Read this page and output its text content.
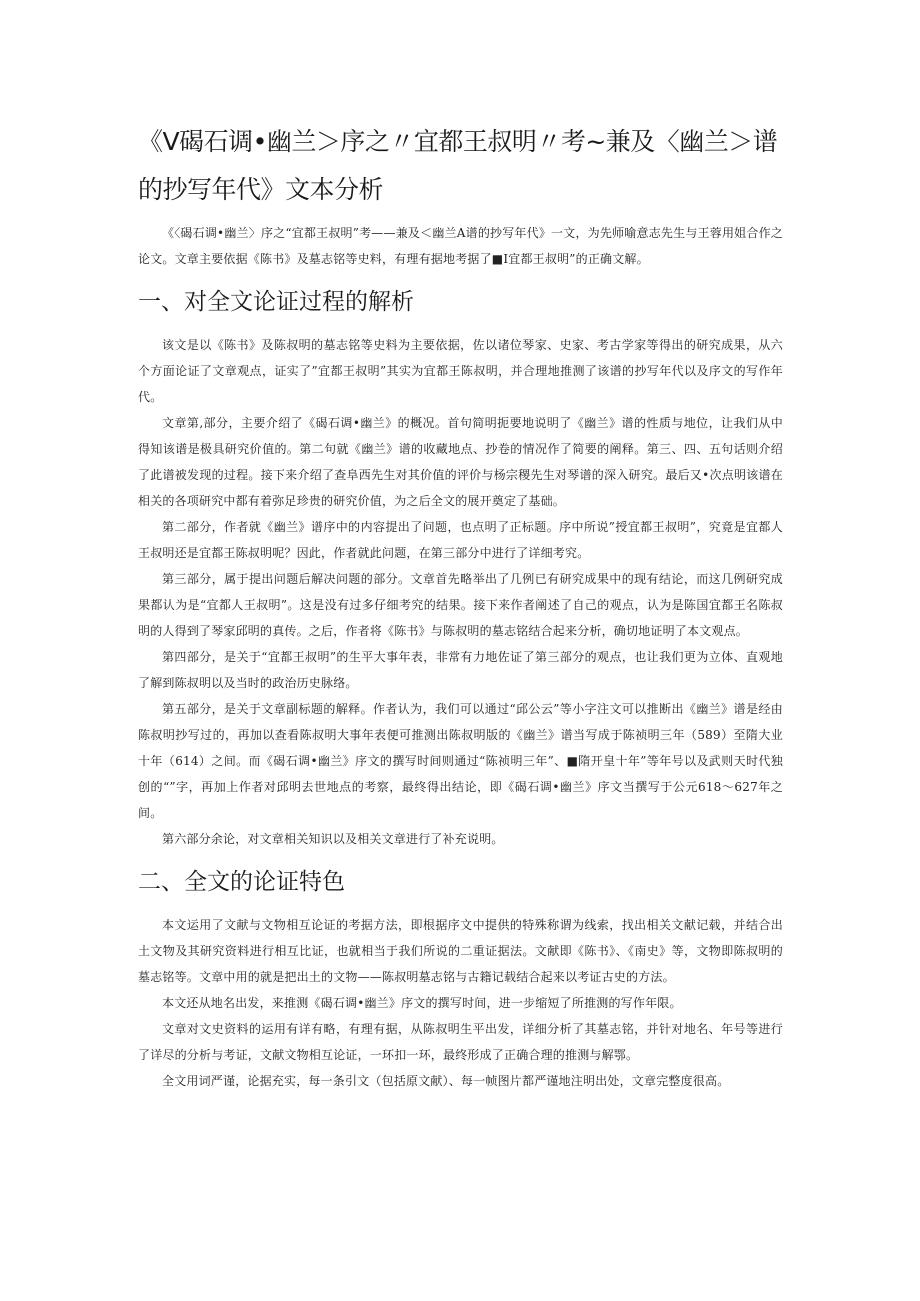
《V碣石调•幽兰＞序之〃宜都王叔明〃考~兼及〈幽兰＞谱的抄写年代》文本分析

《〈碣石调•幽兰〉序之“宜都王叔明”考——兼及＜幽兰A谱的抄写年代》一文，为先师喻意志先生与王蓉用姐合作之论文。文章主要依据《陈书》及墓志铭等史料，有理有据地考据了■I宜都王叔明”的正确文解。

一、对全文论证过程的解析

该文是以《陈书》及陈叔明的墓志铭等史料为主要依据，佐以诸位琴家、史家、考古学家等得出的研究成果，从六个方面论证了文章观点，证实了”宜都王叔明”其实为宜都王陈叔明，并合理地推测了该谱的抄写年代以及序文的写作年代。

文章第,部分，主要介绍了《碣石调•幽兰》的概况。首句简明扼要地说明了《幽兰》谱的性质与地位，让我们从中得知该谱是极具研究价值的。第二句就《幽兰》谱的收藏地点、抄卷的情况作了简要的阐释。第三、四、五句话则介绍了此谱被发现的过程。接下来介绍了查阜西先生对其价值的评价与杨宗稷先生对琴谱的深入研究。最后又•次点明该谱在相关的各项研究中都有着弥足珍贵的研究价值，为之后全文的展开奠定了基础。

第二部分，作者就《幽兰》谱序中的内容提出了问题，也点明了正标题。序中所说”授宜都王叔明”，究竟是宜都人王叔明还是宜都王陈叔明呢？因此，作者就此问题，在第三部分中进行了详细考究。

第三部分，属于提出问题后解决问题的部分。文章首先略举出了几例已有研究成果中的现有结论，而这几例研究成果都认为是“宜都人王叔明”。这是没有过多仔细考究的结果。接下来作者阐述了自己的观点，认为是陈国宜都王名陈叔明的人得到了琴家邱明的真传。之后，作者将《陈书》与陈叔明的墓志铭结合起来分析，确切地证明了本文观点。

第四部分，是关于“宜都王叔明”的生平大事年表，非常有力地佐证了第三部分的观点，也让我们更为立体、直观地了解到陈叔明以及当时的政治历史脉络。

第五部分，是关于文章副标题的解释。作者认为，我们可以通过“邱公云”等小字注文可以推断出《幽兰》谱是经由陈叔明抄写过的，再加以查看陈叔明大事年表便可推测出陈叔明版的《幽兰》谱当写成于陈祯明三年（589）至隋大业十年（614）之间。而《碣石调•幽兰》序文的撰写时间则通过“陈祯明三年”、■隋开皇十年”等年号以及武则天时代独创的“”字，再加上作者对邱明去世地点的考察，最终得出结论，即《碣石调•幽兰》序文当撰写于公元618～627年之间。

第六部分余论，对文章相关知识以及相关文章进行了补充说明。

二、全文的论证特色

本文运用了文献与文物相互论证的考据方法，即根据序文中提供的特殊称谓为线索，找出相关文献记载，并结合出土文物及其研究资料进行相互比证，也就相当于我们所说的二重证据法。文献即《陈书》、《南史》等，文物即陈叔明的墓志铭等。文章中用的就是把出土的文物——陈叔明墓志铭与古籍记载结合起来以考证古史的方法。

本文还从地名出发，来推测《碣石调•幽兰》序文的撰写时间，进一步缩短了所推测的写作年限。

文章对文史资料的运用有详有略，有理有据，从陈叔明生平出发，详细分析了其墓志铭，并针对地名、年号等进行了详尽的分析与考证，文献文物相互论证，一环扣一环，最终形成了正确合理的推测与解鄂。

全文用词严谨，论据充实，每一条引文（包括原文献）、每一帧图片都严谨地注明出处，文章完整度很高。
